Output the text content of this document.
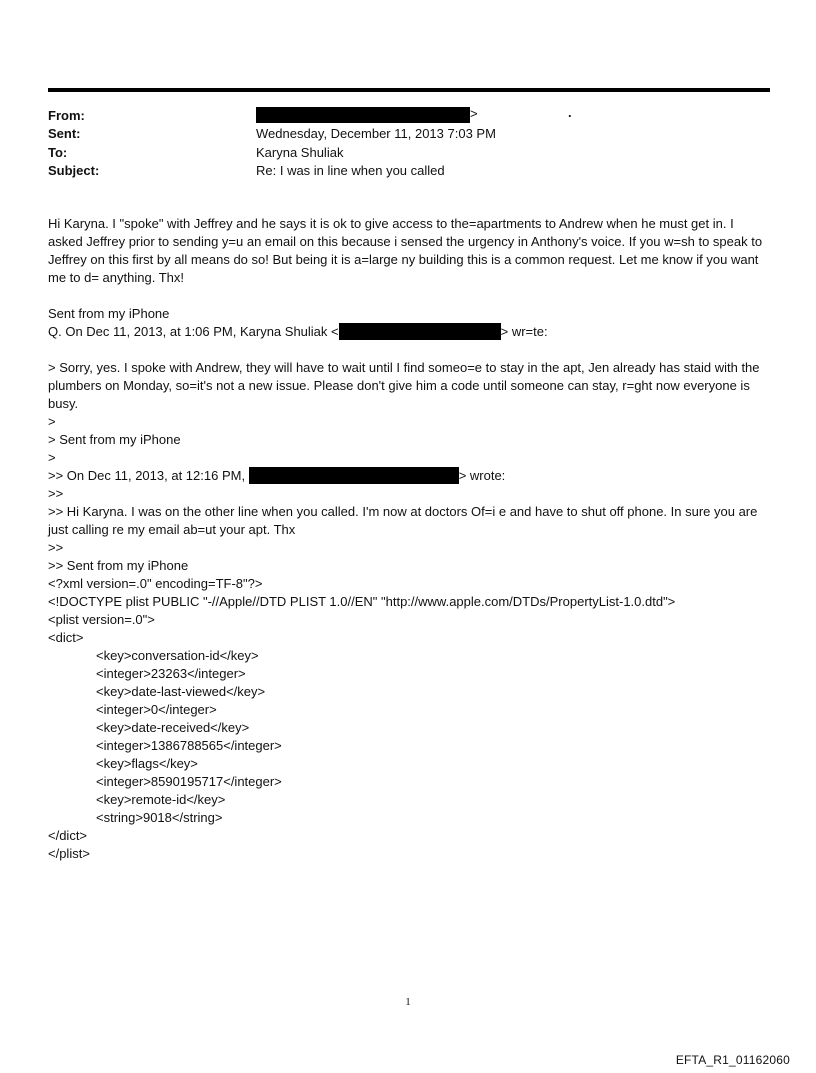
From:	>	.
Sent:	Wednesday, December 11, 2013 7:03 PM
To:	Karyna Shuliak
Subject:	Re: I was in line when you called

Hi Karyna. I "spoke" with Jeffrey and he says it is ok to give access to the=apartments to Andrew when he must get in. I asked Jeffrey prior to sending y=u an email on this because i sensed the urgency in Anthony's voice. If you w=sh to speak to Jeffrey on this first by all means do so! But being it is a=large ny building this is a common request. Let me know if you want me to d= anything. Thx!

Sent from my iPhone

Q. On Dec 11, 2013, at 1:06 PM, Karyna Shuliak <	> wr=te:

> Sorry, yes. I spoke with Andrew, they will have to wait until I find someo=e to stay in the apt, Jen already has staid with the plumbers on Monday, so=it's not a new issue. Please don't give him a code until someone can stay, r=ght now everyone is busy.

>

> Sent from my iPhone

>

>> On Dec 11, 2013, at 12:16 PM,	> wrote:

>>

>> Hi Karyna. I was on the other line when you called. I'm now at doctors Of=i e and have to shut off phone. In sure you are just calling re my email ab=ut your apt. Thx

>>

>> Sent from my iPhone

<?xml version=.0" encoding=TF-8"?>

<!DOCTYPE plist PUBLIC "-//Apple//DTD PLIST 1.0//EN" "http://www.apple.com/DTDs/PropertyList-1.0.dtd">

<plist version=.0">

<dict>

<key>conversation-id</key>

<integer>23263</integer>

<key>date-last-viewed</key>

<integer>0</integer>

<key>date-received</key>

<integer>1386788565</integer>

<key>flags</key>

<integer>8590195717</integer>

<key>remote-id</key>

<string>9018</string>

</dict>

</plist>

1
EFTA_R1_01162060
